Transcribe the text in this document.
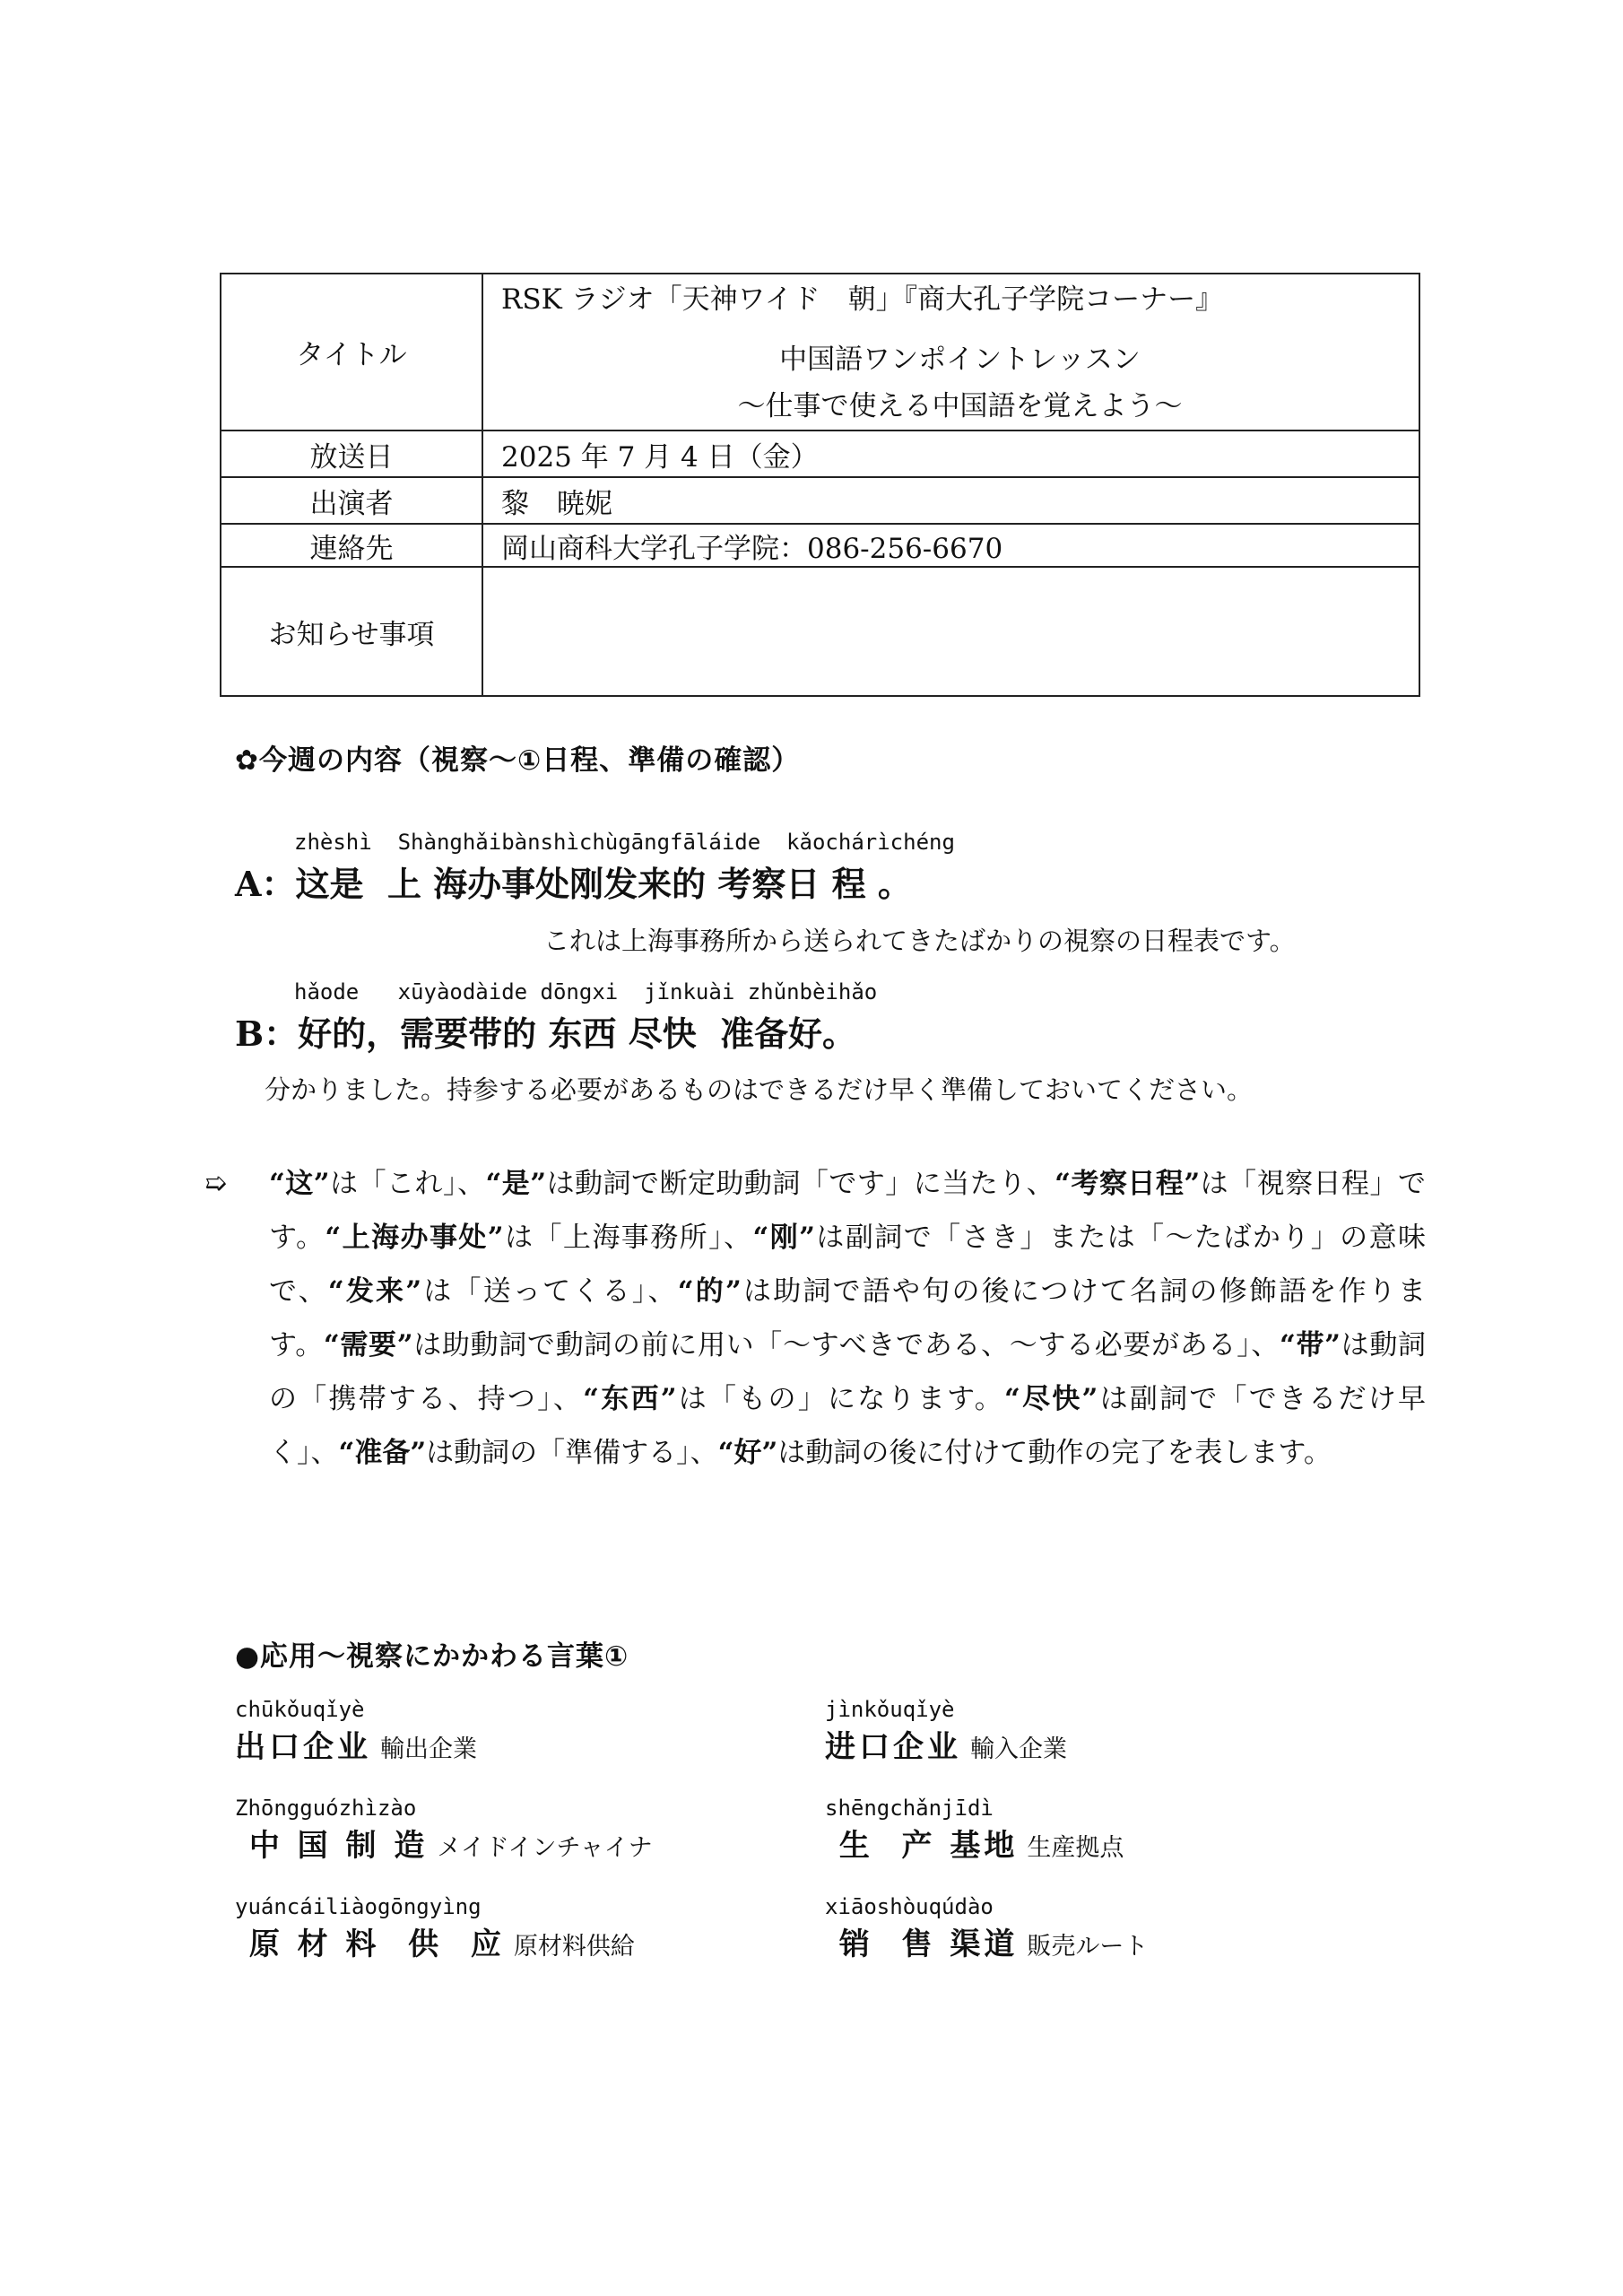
タイトル	RSK ラジオ「天神ワイド　朝」『商大孔子学院コーナー』
中国語ワンポイントレッスン
～仕事で使える中国語を覚えよう～

放送日	2025 年 7 月 4 日（金）
出演者	黎　暁妮
連絡先	岡山商科大学孔子学院：086-256-6670
お知らせ事項	
✿今週の内容（視察～①日程、準備の確認）
zhèshì  Shànghǎibànshìchùgāngfāláide  kǎochárìchéng
A：这是  上 海办事处刚发来的 考察日 程 。
これは上海事務所から送られてきたばかりの視察の日程表です。
hǎode   xūyàodàide dōngxi  jǐnkuài zhǔnbèihǎo
B：好的，需要带的 东西 尽快  准备好。
分かりました。持参する必要があるものはできるだけ早く準備しておいてください。
➯ “这”は「これ」、“是”は動詞で断定助動詞「です」に当たり、“考察日程”は「視察日程」です。“上海办事处”は「上海事務所」、“刚”は副詞で「さき」または「～たばかり」の意味で、“发来”は「送ってくる」、“的”は助詞で語や句の後につけて名詞の修飾語を作ります。“需要”は助動詞で動詞の前に用い「～すべきである、～する必要がある」、“带”は動詞の「携帯する、持つ」、“东西”は「もの」になります。“尽快”は副詞で「できるだけ早く」、“准备”は動詞の「準備する」、“好”は動詞の後に付けて動作の完了を表します。
●応用～視察にかかわる言葉①
chūkǒuqǐyè
出口企业 輸出企業
jìnkǒuqǐyè
进口企业 輸入企業
Zhōngguózhìzào
中 国 制 造 メイドインチャイナ
shēngchǎnjīdì
生  产 基地 生産拠点
yuáncáiliàogōngyìng
原 材 料  供  应 原材料供給
xiāoshòuqúdào
销  售 渠道 販売ルート
